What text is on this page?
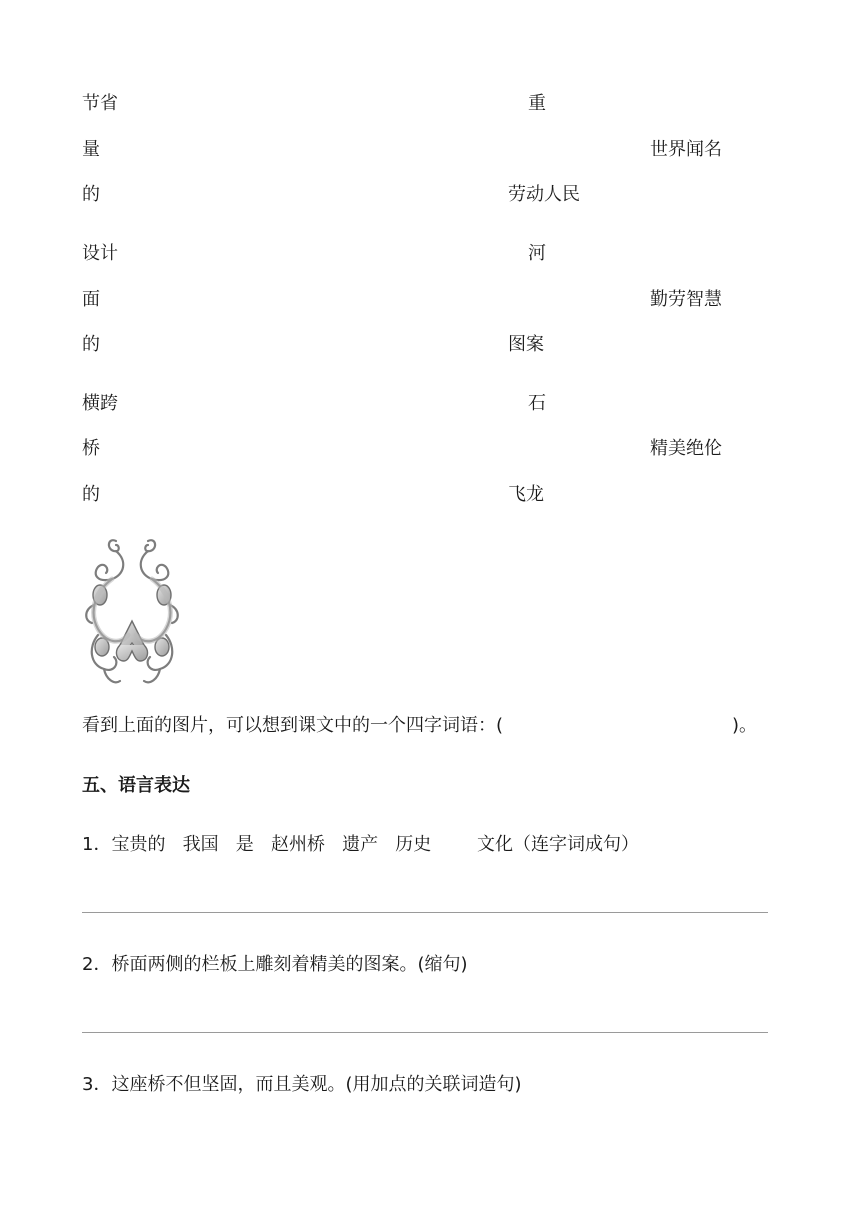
节省
量
的
重
劳动人民
世界闻名
设计
面
的
河
图案
勤劳智慧
横跨
桥
的
石
飞龙
精美绝伦
看到上面的图片，可以想到课文中的一个四字词语：(	)。
五、语言表达
1．宝贵的   我国   是   赵州桥   遗产   历史        文化（连字词成句）
2．桥面两侧的栏板上雕刻着精美的图案。(缩句)
3．这座桥不但坚固，而且美观。(用加点的关联词造句)
